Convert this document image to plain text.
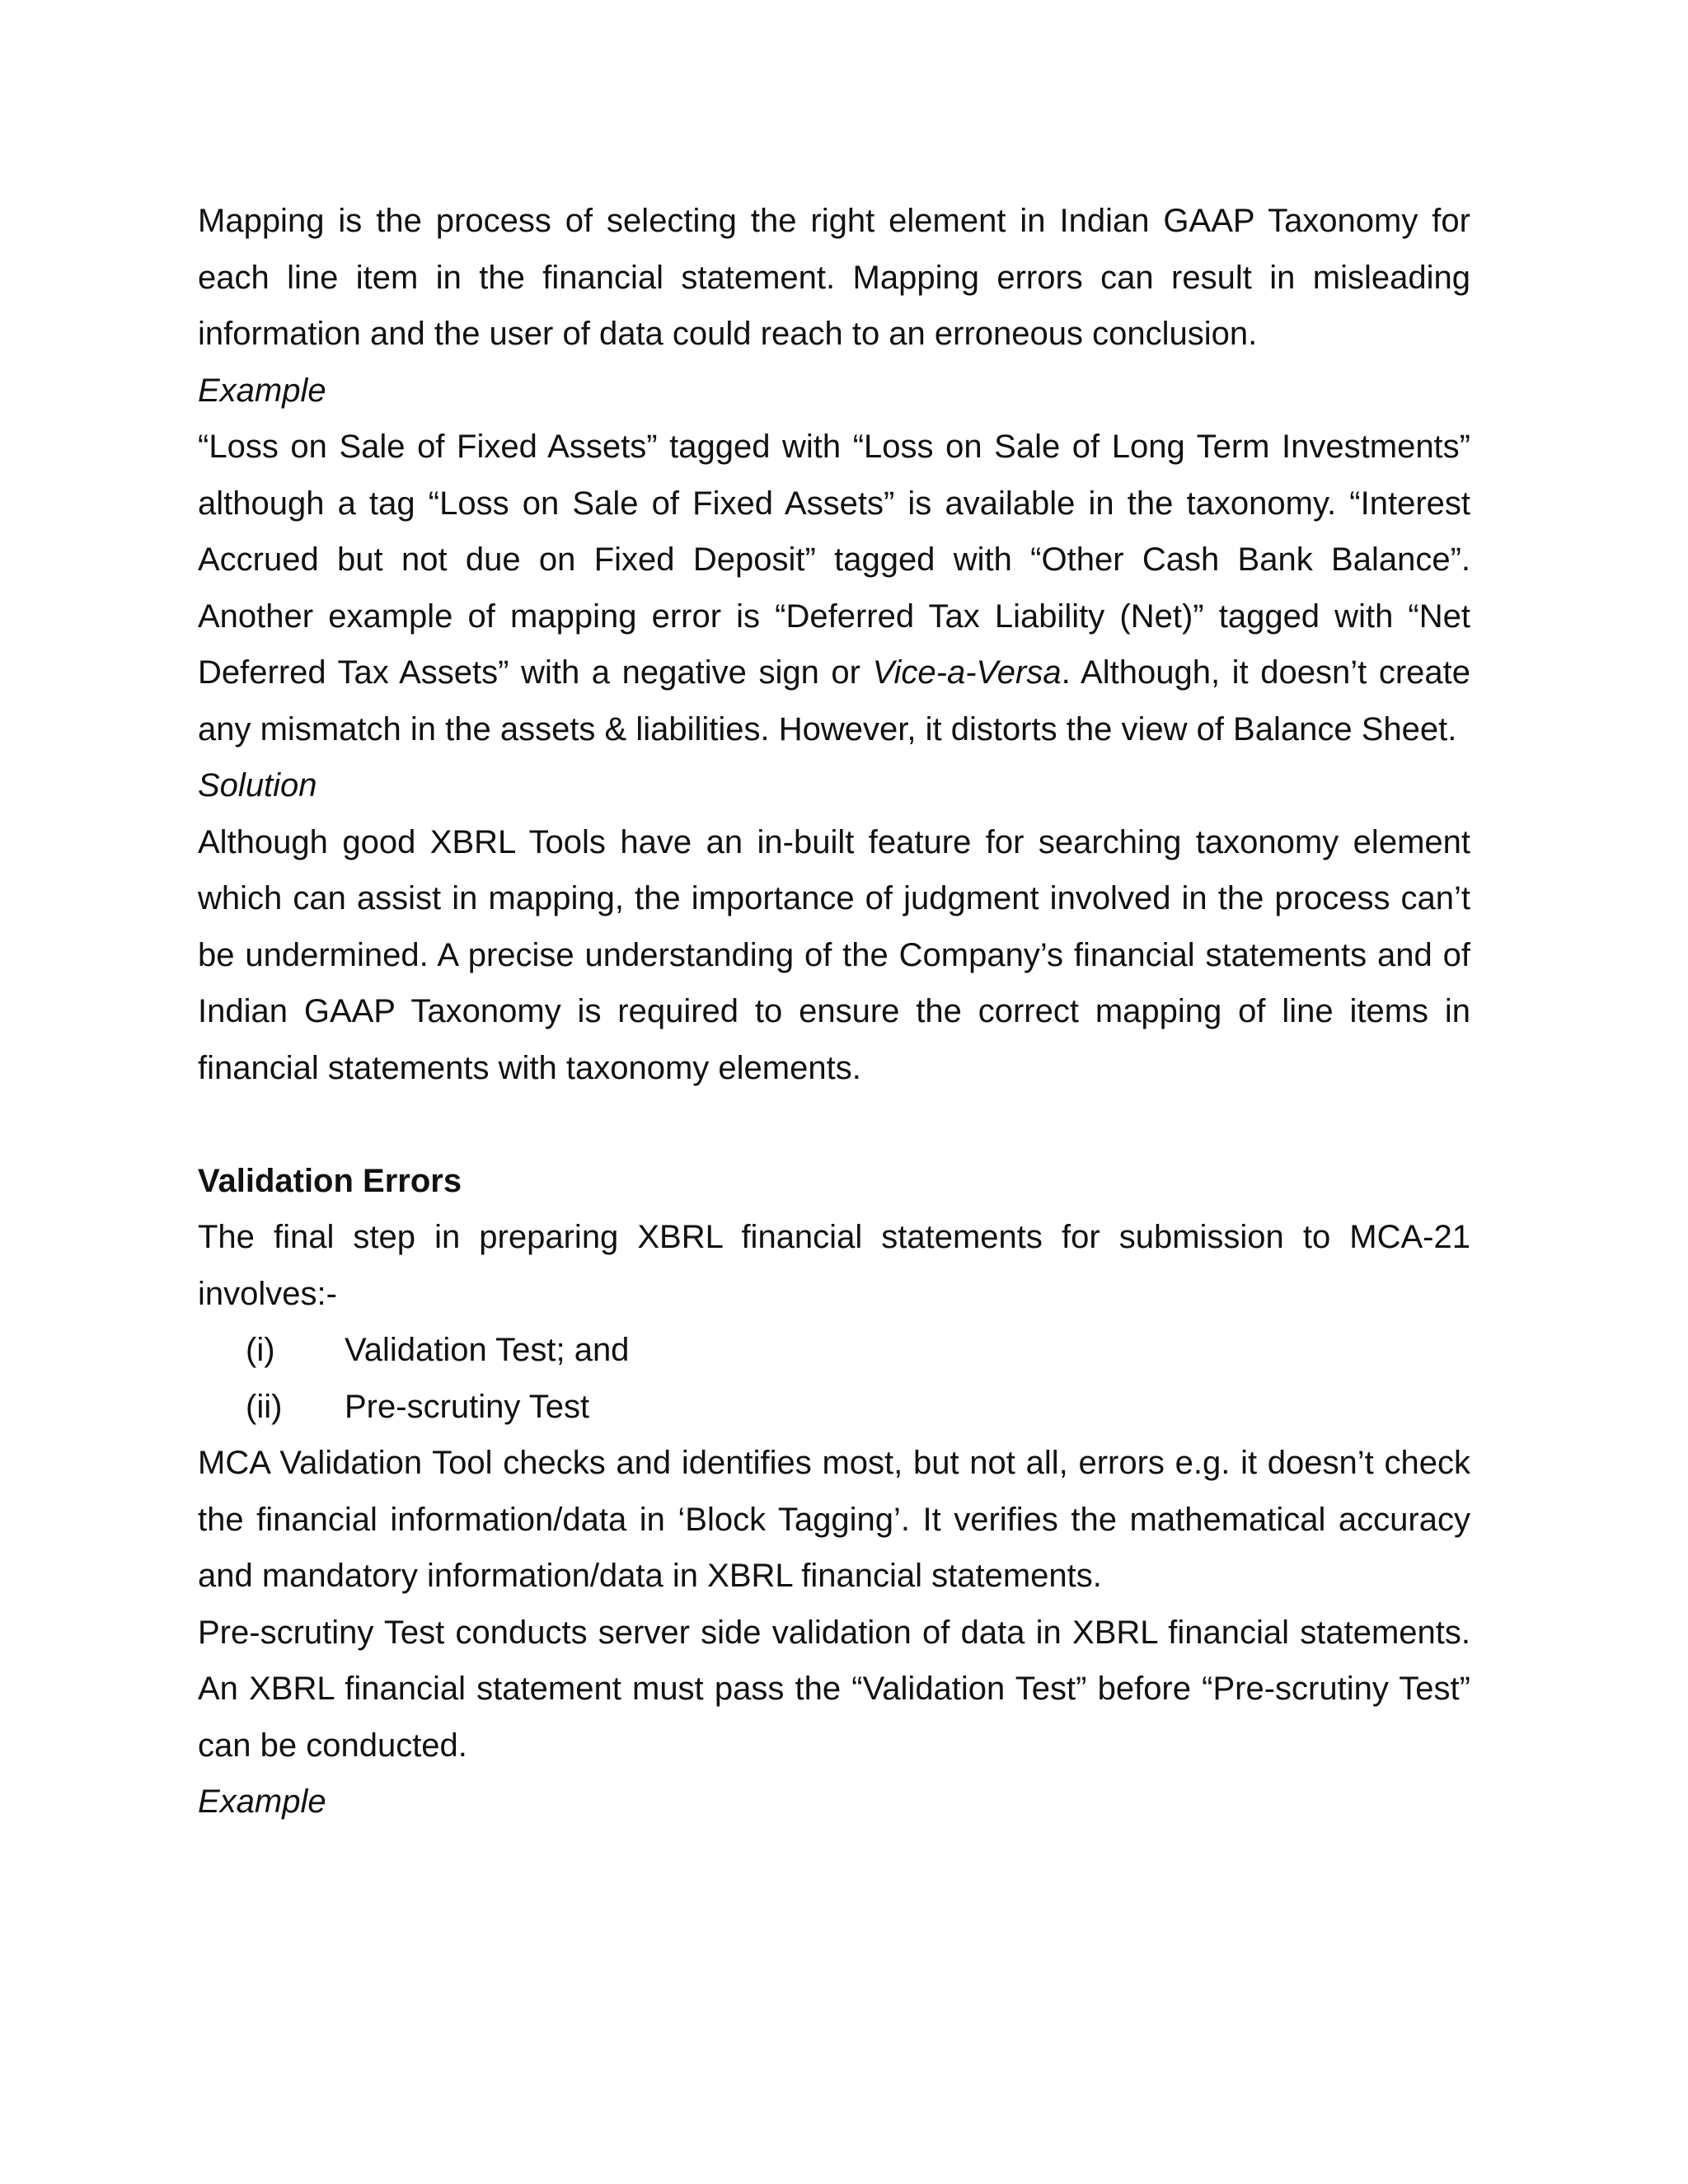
Mapping is the process of selecting the right element in Indian GAAP Taxonomy for each line item in the financial statement. Mapping errors can result in misleading information and the user of data could reach to an erroneous conclusion.

Example

“Loss on Sale of Fixed Assets” tagged with “Loss on Sale of Long Term Investments” although a tag “Loss on Sale of Fixed Assets” is available in the taxonomy. “Interest Accrued but not due on Fixed Deposit” tagged with “Other Cash Bank Balance”. Another example of mapping error is “Deferred Tax Liability (Net)” tagged with “Net Deferred Tax Assets” with a negative sign or Vice-a-Versa. Although, it doesn’t create any mismatch in the assets & liabilities. However, it distorts the view of Balance Sheet.

Solution

Although good XBRL Tools have an in-built feature for searching taxonomy element which can assist in mapping, the importance of judgment involved in the process can’t be undermined. A precise understanding of the Company’s financial statements and of Indian GAAP Taxonomy is required to ensure the correct mapping of line items in financial statements with taxonomy elements.

Validation Errors

The final step in preparing XBRL financial statements for submission to MCA-21 involves:-

(i)	Validation Test; and
(ii)	Pre-scrutiny Test

MCA Validation Tool checks and identifies most, but not all, errors e.g. it doesn’t check the financial information/data in ‘Block Tagging’. It verifies the mathematical accuracy and mandatory information/data in XBRL financial statements.

Pre-scrutiny Test conducts server side validation of data in XBRL financial statements. An XBRL financial statement must pass the “Validation Test” before “Pre-scrutiny Test” can be conducted.

Example
